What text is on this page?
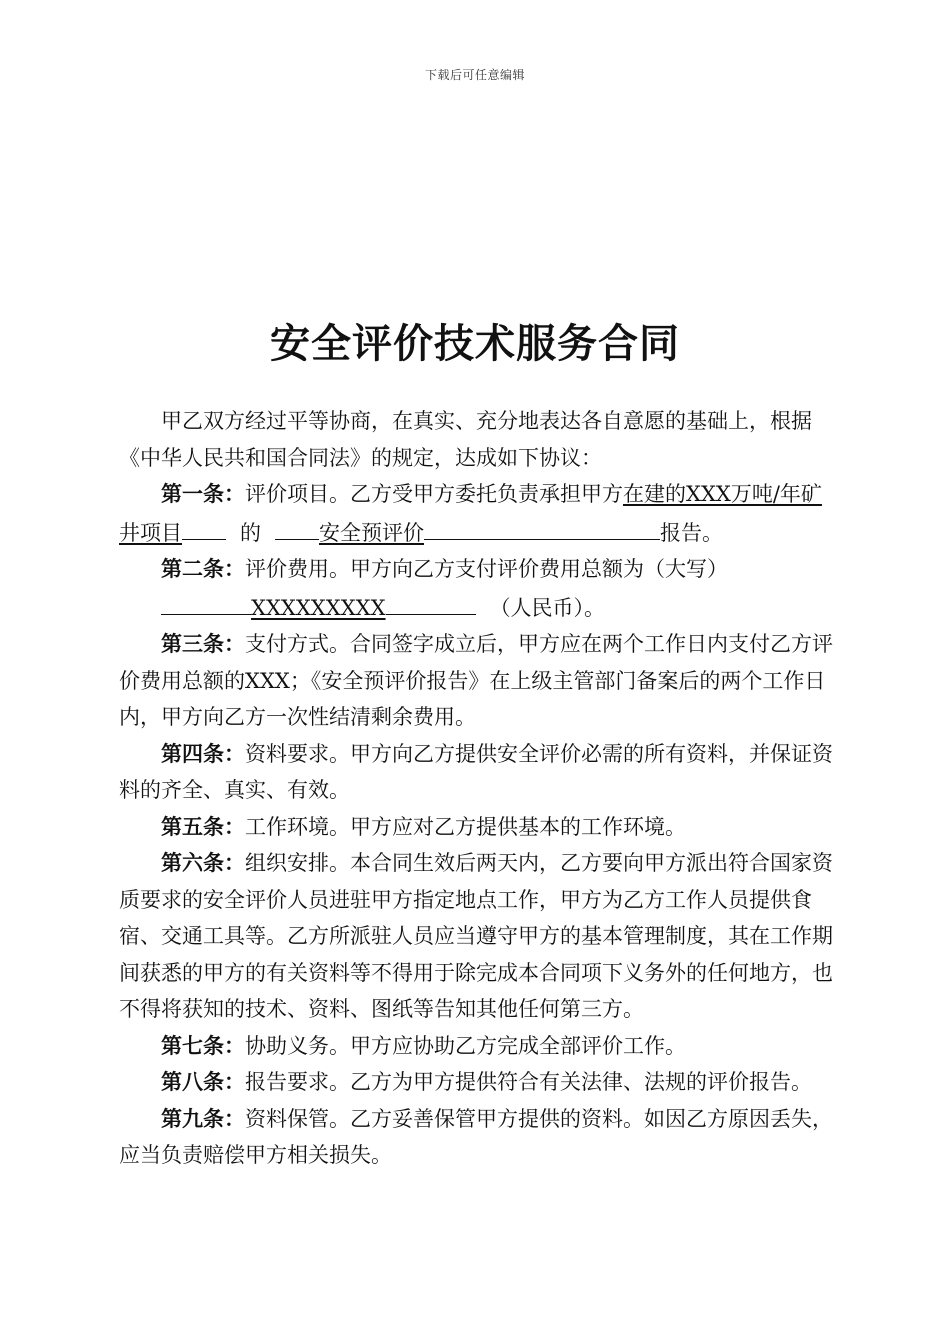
下载后可任意编辑
安全评价技术服务合同

甲乙双方经过平等协商，在真实、充分地表达各自意愿的基础上，根据《中华人民共和国合同法》的规定，达成如下协议：

第一条：评价项目。乙方受甲方委托负责承担甲方在建的XXX万吨/年矿井项目	的	安全预评价	报告。

第二条：评价费用。甲方向乙方支付评价费用总额为（大写）

XXXXXXXXX	（人民币）。

第三条：支付方式。合同签字成立后，甲方应在两个工作日内支付乙方评价费用总额的XXX；《安全预评价报告》在上级主管部门备案后的两个工作日内，甲方向乙方一次性结清剩余费用。

第四条：资料要求。甲方向乙方提供安全评价必需的所有资料，并保证资料的齐全、真实、有效。

第五条：工作环境。甲方应对乙方提供基本的工作环境。

第六条：组织安排。本合同生效后两天内，乙方要向甲方派出符合国家资质要求的安全评价人员进驻甲方指定地点工作，甲方为乙方工作人员提供食宿、交通工具等。乙方所派驻人员应当遵守甲方的基本管理制度，其在工作期间获悉的甲方的有关资料等不得用于除完成本合同项下义务外的任何地方，也不得将获知的技术、资料、图纸等告知其他任何第三方。

第七条：协助义务。甲方应协助乙方完成全部评价工作。

第八条：报告要求。乙方为甲方提供符合有关法律、法规的评价报告。

第九条：资料保管。乙方妥善保管甲方提供的资料。如因乙方原因丢失，应当负责赔偿甲方相关损失。
